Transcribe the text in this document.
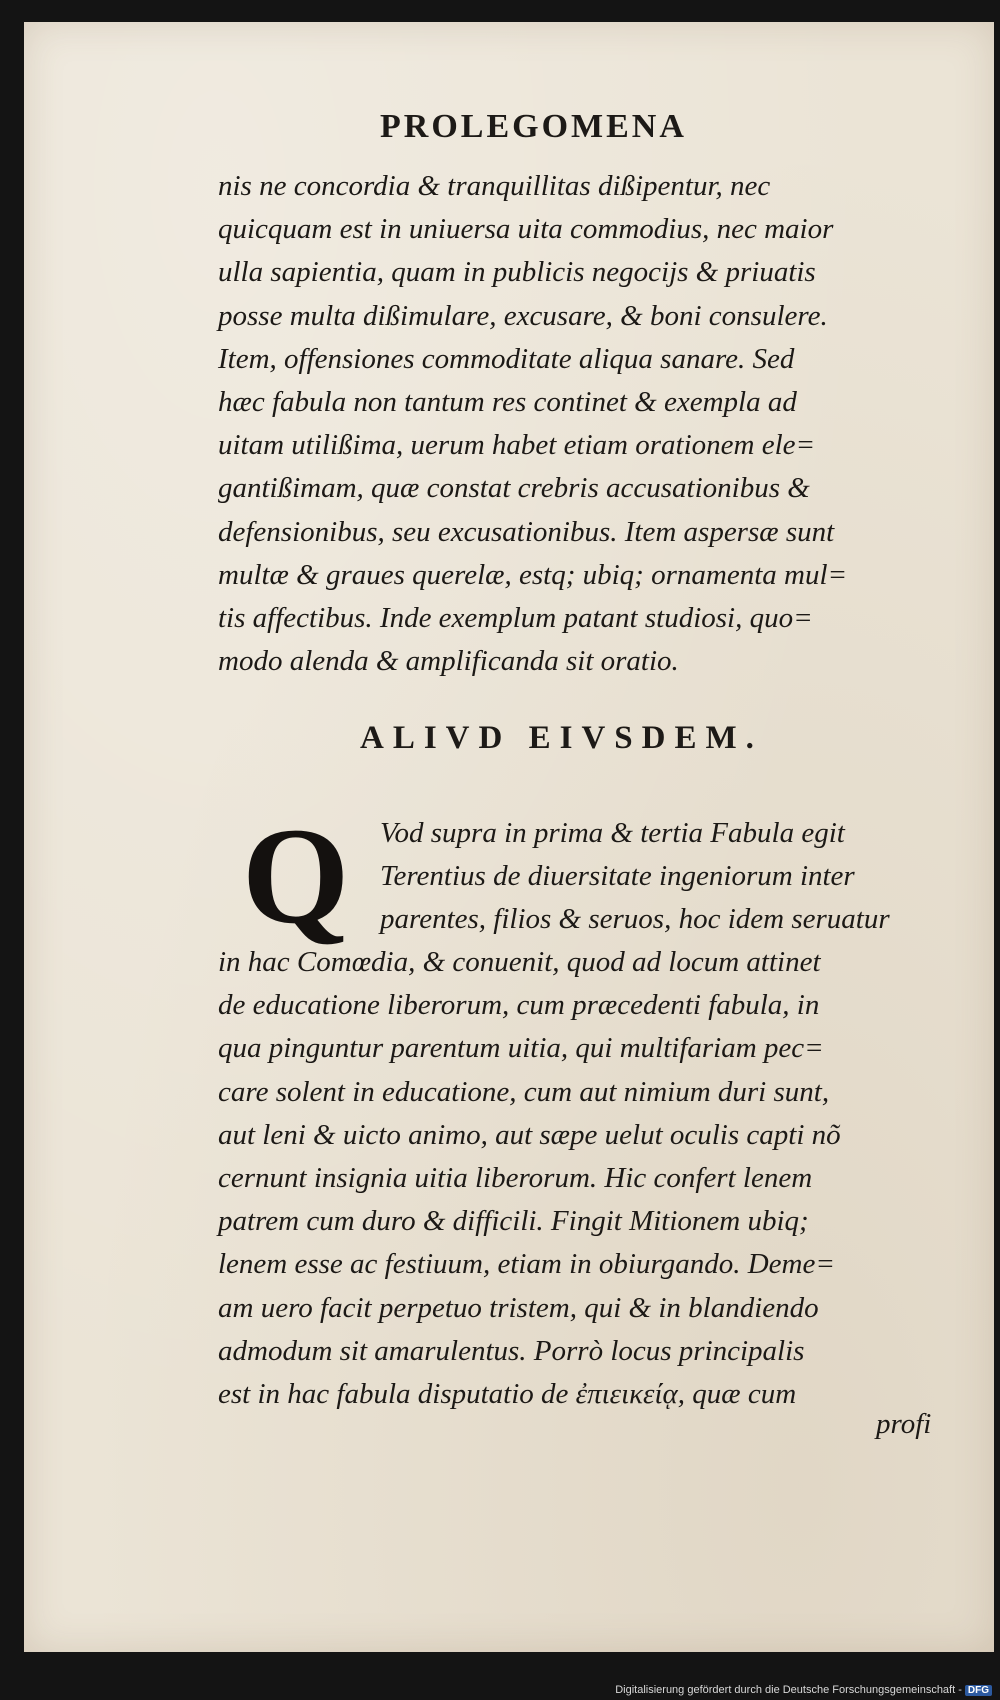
PROLEGOMENA
nis ne concordia & tranquillitas dißipentur, nec
quicquam est in uniuersa uita commodius, nec maior
ulla sapientia, quam in publicis negocijs & priuatis
posse multa dißimulare, excusare, & boni consulere.
Item, offensiones commoditate aliqua sanare. Sed
hæc fabula non tantum res continet & exempla ad
uitam utilißima, uerum habet etiam orationem ele=
gantißimam, quæ constat crebris accusationibus &
defensionibus, seu excusationibus. Item aspersæ sunt
multæ & graues querelæ, estq; ubiq; ornamenta mul=
tis affectibus. Inde exemplum patant studiosi, quo=
modo alenda & amplificanda sit oratio.
ALIVD EIVSDEM.
Q Vod supra in prima & tertia Fabula egit
Terentius de diuersitate ingeniorum inter
parentes, filios & seruos, hoc idem seruatur
in hac Comœdia, & conuenit, quod ad locum attinet
de educatione liberorum, cum præcedenti fabula, in
qua pinguntur parentum uitia, qui multifariam pec=
care solent in educatione, cum aut nimium duri sunt,
aut leni & uicto animo, aut sæpe uelut oculis capti nõ
cernunt insignia uitia liberorum. Hic confert lenem
patrem cum duro & difficili. Fingit Mitionem ubiq;
lenem esse ac festiuum, etiam in obiurgando. Deme=
am uero facit perpetuo tristem, qui & in blandiendo
admodum sit amarulentus. Porrò locus principalis
est in hac fabula disputatio de ἐπιεικείᾳ, quæ cum
profi
Digitalisierung gefördert durch die Deutsche Forschungsgemeinschaft - DFG
